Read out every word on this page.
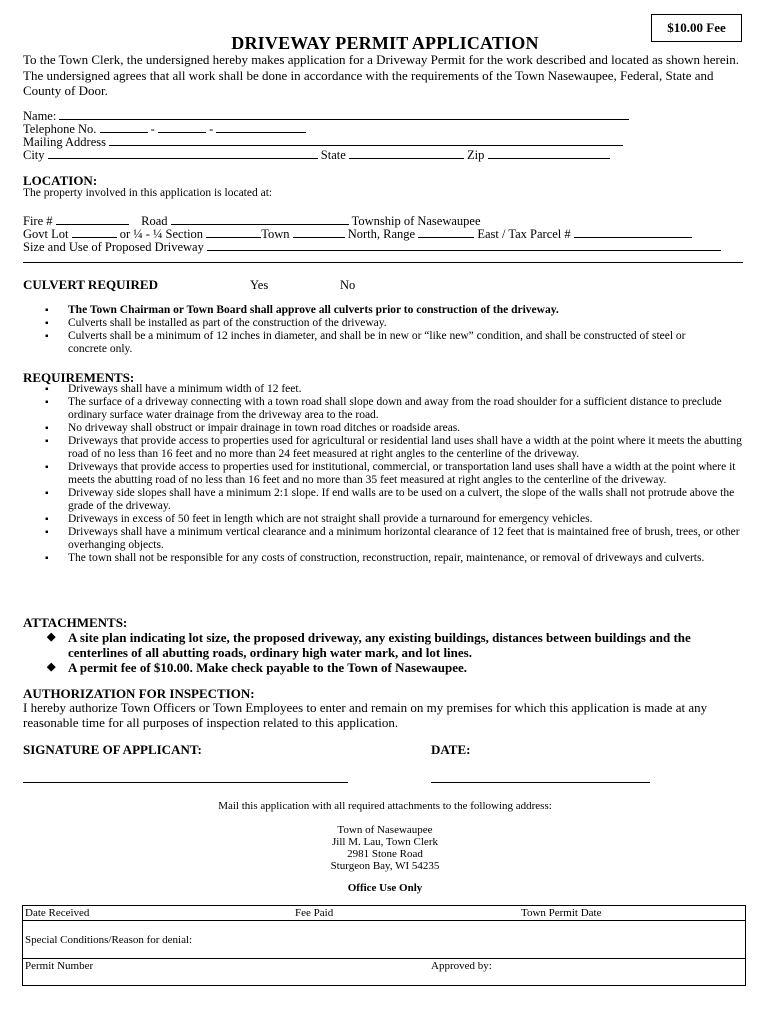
$10.00 Fee
DRIVEWAY PERMIT APPLICATION
To the Town Clerk, the undersigned hereby makes application for a Driveway Permit for the work described and located as shown herein. The undersigned agrees that all work shall be done in accordance with the requirements of the Town Nasewaupee, Federal, State and County of Door.
Name:
Telephone No.	-	-
Mailing Address
City	State	Zip
LOCATION:
The property involved in this application is located at:
Fire #	Road	Township of Nasewaupee
Govt Lot	or ¼ - ¼ Section	Town	North, Range	East / Tax Parcel #
Size and Use of Proposed Driveway
CULVERT REQUIRED	Yes	No
▪ The Town Chairman or Town Board shall approve all culverts prior to construction of the driveway.
▪ Culverts shall be installed as part of the construction of the driveway.
▪ Culverts shall be a minimum of 12 inches in diameter, and shall be in new or “like new” condition, and shall be constructed of steel or concrete only.
REQUIREMENTS:
▪ Driveways shall have a minimum width of 12 feet.
▪ The surface of a driveway connecting with a town road shall slope down and away from the road shoulder for a sufficient distance to preclude ordinary surface water drainage from the driveway area to the road.
▪ No driveway shall obstruct or impair drainage in town road ditches or roadside areas.
▪ Driveways that provide access to properties used for agricultural or residential land uses shall have a width at the point where it meets the abutting road of no less than 16 feet and no more than 24 feet measured at right angles to the centerline of the driveway.
▪ Driveways that provide access to properties used for institutional, commercial, or transportation land uses shall have a width at the point where it meets the abutting road of no less than 16 feet and no more than 35 feet measured at right angles to the centerline of the driveway.
▪ Driveway side slopes shall have a minimum 2:1 slope. If end walls are to be used on a culvert, the slope of the walls shall not protrude above the grade of the driveway.
▪ Driveways in excess of 50 feet in length which are not straight shall provide a turnaround for emergency vehicles.
▪ Driveways shall have a minimum vertical clearance and a minimum horizontal clearance of 12 feet that is maintained free of brush, trees, or other overhanging objects.
▪ The town shall not be responsible for any costs of construction, reconstruction, repair, maintenance, or removal of driveways and culverts.
ATTACHMENTS:
◆ A site plan indicating lot size, the proposed driveway, any existing buildings, distances between buildings and the centerlines of all abutting roads, ordinary high water mark, and lot lines.
◆ A permit fee of $10.00. Make check payable to the Town of Nasewaupee.
AUTHORIZATION FOR INSPECTION:
I hereby authorize Town Officers or Town Employees to enter and remain on my premises for which this application is made at any reasonable time for all purposes of inspection related to this application.
SIGNATURE OF APPLICANT:	DATE:
Mail this application with all required attachments to the following address:
Town of Nasewaupee
Jill M. Lau, Town Clerk
2981 Stone Road
Sturgeon Bay, WI 54235
Office Use Only
Date Received	Fee Paid	Town Permit Date
Special Conditions/Reason for denial:
Permit Number	Approved by:
